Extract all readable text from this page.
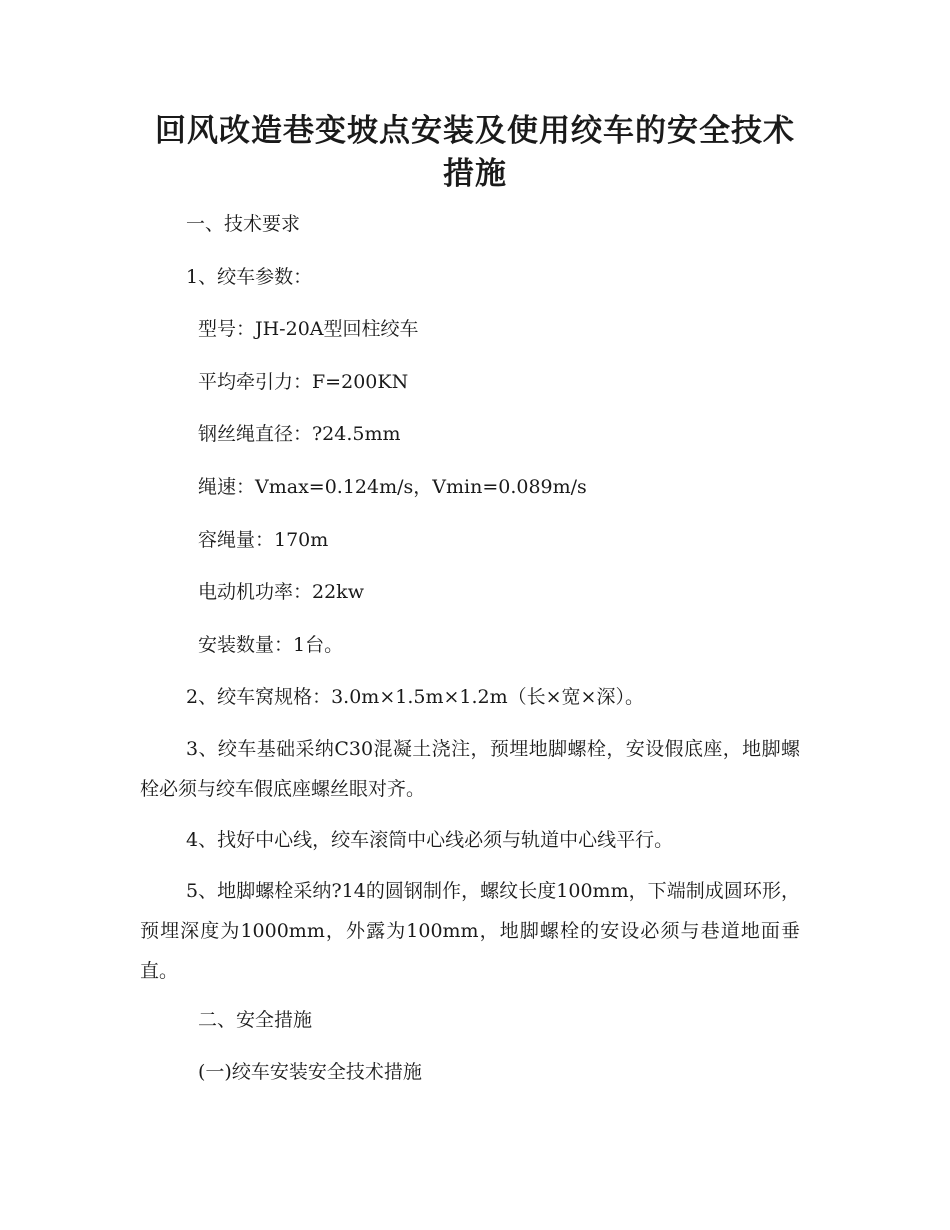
回风改造巷变坡点安装及使用绞车的安全技术措施

一、技术要求

1、绞车参数：

型号：JH-20A型回柱绞车

平均牵引力：F=200KN

钢丝绳直径：?24.5mm

绳速：Vmax=0.124m/s，Vmin=0.089m/s

容绳量：170m

电动机功率：22kw

安装数量：1台。

2、绞车窝规格：3.0m×1.5m×1.2m（长×宽×深）。

3、绞车基础采纳C30混凝土浇注，预埋地脚螺栓，安设假底座，地脚螺栓必须与绞车假底座螺丝眼对齐。

4、找好中心线，绞车滚筒中心线必须与轨道中心线平行。

5、地脚螺栓采纳?14的圆钢制作，螺纹长度100mm，下端制成圆环形，预埋深度为1000mm，外露为100mm，地脚螺栓的安设必须与巷道地面垂直。

二、安全措施

(一)绞车安装安全技术措施
